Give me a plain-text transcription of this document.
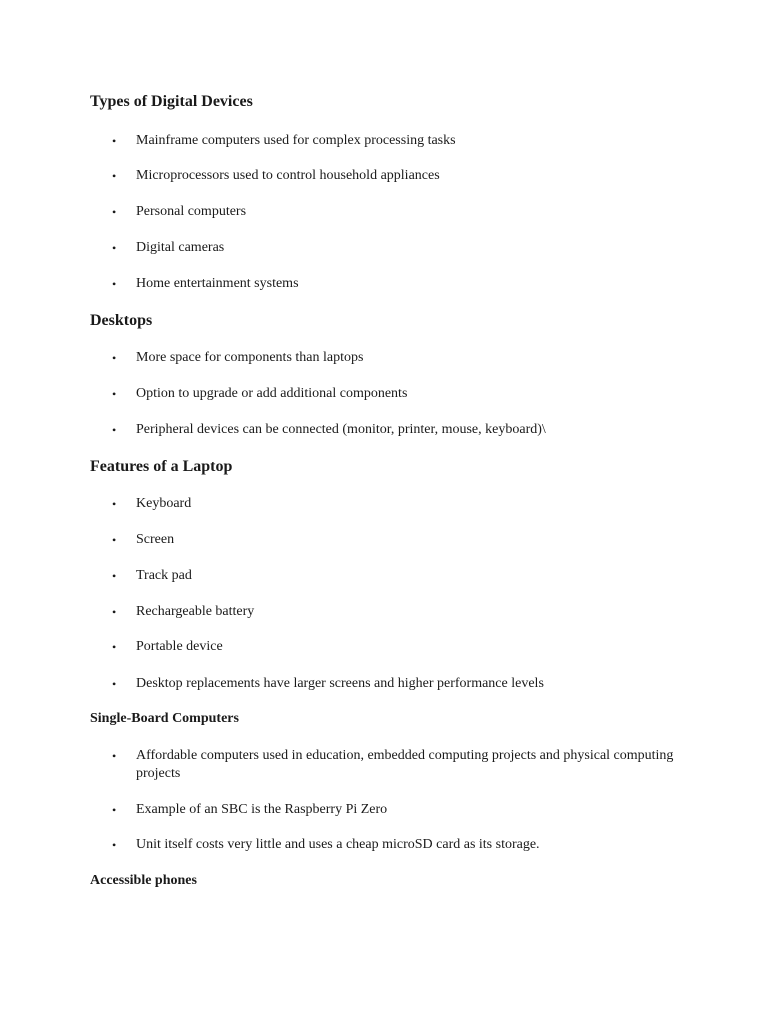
Types of Digital Devices
• Mainframe computers used for complex processing tasks
• Microprocessors used to control household appliances
• Personal computers
• Digital cameras
• Home entertainment systems
Desktops
• More space for components than laptops
• Option to upgrade or add additional components
• Peripheral devices can be connected (monitor, printer, mouse, keyboard)\
Features of a Laptop
• Keyboard
• Screen
• Track pad
• Rechargeable battery
• Portable device
• Desktop replacements have larger screens and higher performance levels
Single-Board Computers
• Affordable computers used in education, embedded computing projects and physical computing projects
• Example of an SBC is the Raspberry Pi Zero
• Unit itself costs very little and uses a cheap microSD card as its storage.
Accessible phones
